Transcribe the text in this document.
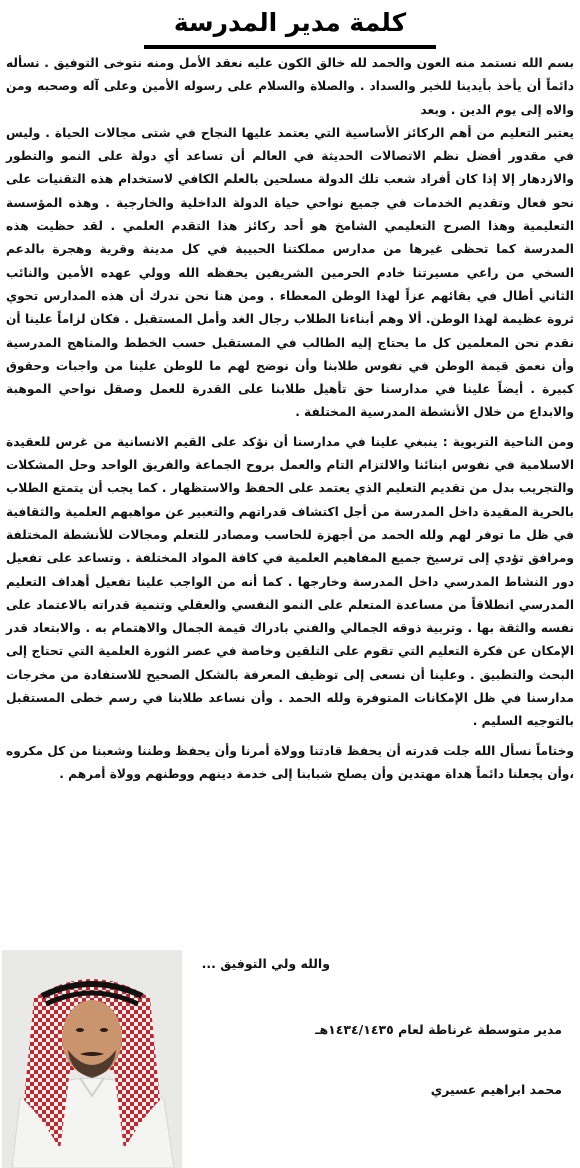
كلمة مدير المدرسة

بسم الله نستمد منه العون والحمد لله خالق الكون عليه نعقد الأمل ومنه نتوخى التوفيق . نسأله دائماً أن يأخذ بأيدينا للخير والسداد . والصلاة والسلام على رسوله الأمين وعلى آله وصحبه ومن والاه إلى يوم الدين . وبعد

يعتبر التعليم من أهم الركائز الأساسية التي يعتمد عليها النجاح في شتى مجالات الحياة . وليس في مقدور أفضل نظم الاتصالات الحديثة في العالم أن تساعد أي دولة على النمو والتطور والازدهار إلا إذا كان أفراد شعب تلك الدولة مسلحين بالعلم الكافي لاستخدام هذه التقنيات على نحو فعال وتقديم الخدمات في جميع نواحي حياة الدولة الداخلية والخارجية . وهذه المؤسسة التعليمية وهذا الصرح التعليمي الشامخ هو أحد ركائز هذا التقدم العلمي . لقد حظيت هذه المدرسة كما تحظى غيرها من مدارس مملكتنا الحبيبة في كل مدينة وقرية وهجرة بالدعم السخي من راعي مسيرتنا خادم الحرمين الشريفين يحفظه الله وولي عهده الأمين والنائب الثاني أطال في بقائهم عزاً لهذا الوطن المعطاء . ومن هنا نحن ندرك أن هذه المدارس تحوي ثروة عظيمة لهذا الوطن. ألا وهم أبناءنا الطلاب رجال الغد وأمل المستقبل . فكان لزاماً علينا أن نقدم نحن المعلمين كل ما يحتاج إليه الطالب في المستقبل حسب الخطط والمناهج المدرسية وأن نعمق قيمة الوطن في نفوس طلابنا وأن نوضح لهم ما للوطن علينا من واجبات وحقوق كبيرة . أيضاً علينا في مدارسنا حق تأهيل طلابنا على القدرة للعمل وصقل نواحي الموهبة والابداع من خلال الأنشطة المدرسية المختلفة .

ومن الناحية التربوية : ينبغي علينا في مدارسنا أن نؤكد على القيم الانسانية من غرس للعقيدة الاسلامية في نفوس ابنائنا والالتزام التام والعمل بروح الجماعة والفريق الواحد وحل المشكلات والتجريب بدل من تقديم التعليم الذي يعتمد على الحفظ والاستظهار . كما يجب أن يتمتع الطلاب بالحرية المقيدة داخل المدرسة من أجل اكتشاف قدراتهم والتعبير عن مواهبهم العلمية والثقافية في ظل ما توفر لهم ولله الحمد من أجهزة للحاسب ومصادر للتعلم ومجالات للأنشطة المختلفة ومرافق تؤدي إلى ترسيخ جميع المفاهيم العلمية في كافة المواد المختلفة . وتساعد على تفعيل دور النشاط المدرسي داخل المدرسة وخارجها . كما أنه من الواجب علينا تفعيل أهداف التعليم المدرسي انطلاقاً من مساعدة المتعلم على النمو النفسي والعقلي وتنمية قدراته بالاعتماد على نفسه والثقة بها . وتربية ذوقه الجمالي والفني بادراك قيمة الجمال والاهتمام به . والابتعاد قدر الإمكان عن فكرة التعليم التي تقوم على التلقين وخاصة في عصر الثورة العلمية التي تحتاج إلى البحث والتطبيق . وعلينا أن نسعى إلى توظيف المعرفة بالشكل الصحيح للاستفادة من مخرجات مدارسنا في ظل الإمكانات المتوفرة ولله الحمد . وأن نساعد طلابنا في رسم خطى المستقبل بالتوجيه السليم .

وختاماً نسأل الله جلت قدرته أن يحفظ قادتنا وولاة أمرنا وأن يحفظ وطننا وشعبنا من كل مكروه ،وأن يجعلنا دائماً هداة مهتدين وأن يصلح شبابنا إلى خدمة دينهم ووطنهم وولاة أمرهم .

والله ولي التوفيق ...
مدير متوسطة غرناطة لعام ١٤٣٤/١٤٣٥هـ
محمد ابراهيم عسيري
